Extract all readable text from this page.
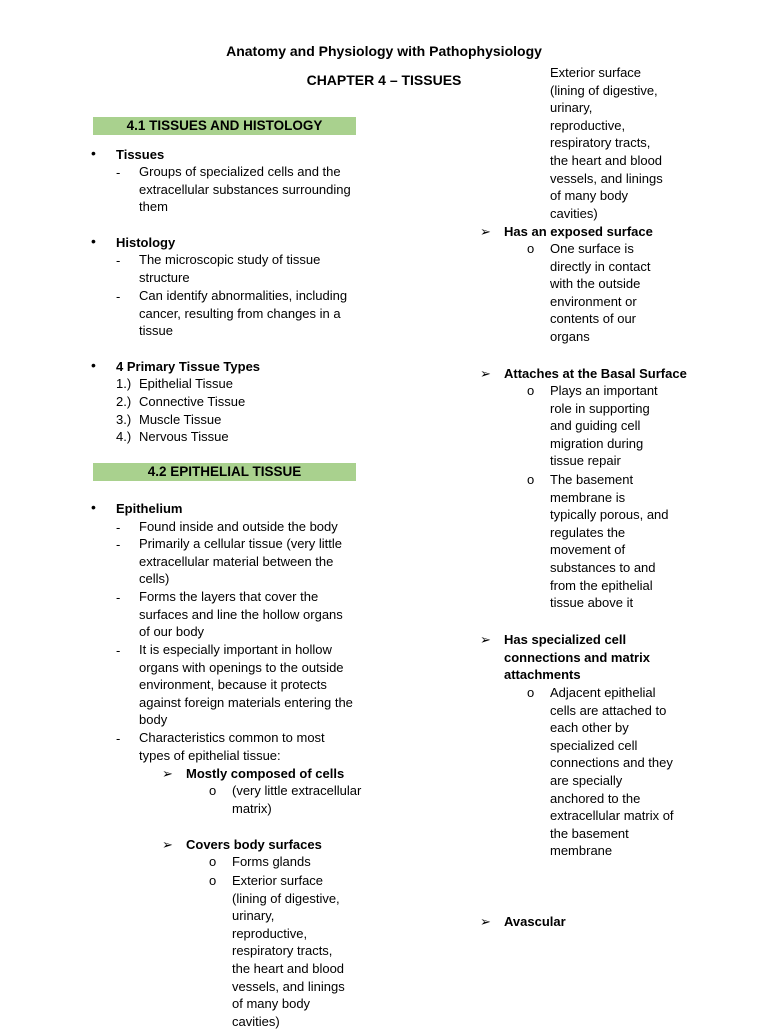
Anatomy and Physiology with Pathophysiology
CHAPTER 4 – TISSUES
4.1 TISSUES AND HISTOLOGY
• Tissues
- Groups of specialized cells and the extracellular substances surrounding them
• Histology
- The microscopic study of tissue structure
- Can identify abnormalities, including cancer, resulting from changes in a tissue
• 4 Primary Tissue Types
1.) Epithelial Tissue
2.) Connective Tissue
3.) Muscle Tissue
4.) Nervous Tissue
4.2 EPITHELIAL TISSUE
• Epithelium
- Found inside and outside the body
- Primarily a cellular tissue (very little extracellular material between the cells)
- Forms the layers that cover the surfaces and line the hollow organs of our body
- It is especially important in hollow organs with openings to the outside environment, because it protects against foreign materials entering the body
- Characteristics common to most types of epithelial tissue:
➢ Mostly composed of cells
o (very little extracellular matrix)
➢ Covers body surfaces
o Forms glands
o Exterior surface (lining of digestive, urinary, reproductive, respiratory tracts, the heart and blood vessels, and linings of many body cavities)
Exterior surface (lining of digestive, urinary, reproductive, respiratory tracts, the heart and blood vessels, and linings of many body cavities)
➢ Has an exposed surface
o One surface is directly in contact with the outside environment or contents of our organs
➢ Attaches at the Basal Surface
o Plays an important role in supporting and guiding cell migration during tissue repair
o The basement membrane is typically porous, and regulates the movement of substances to and from the epithelial tissue above it
➢ Has specialized cell connections and matrix attachments
o Adjacent epithelial cells are attached to each other by specialized cell connections and they are specially anchored to the extracellular matrix of the basement membrane
➢ Avascular
